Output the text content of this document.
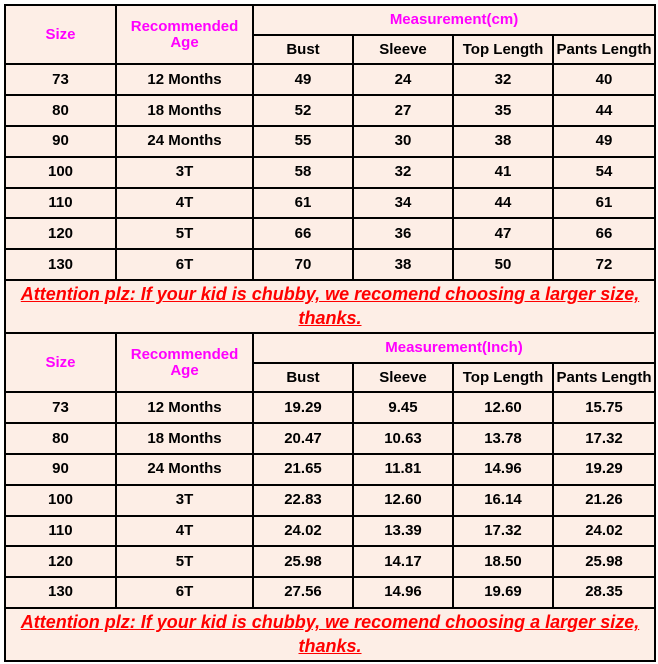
Size	Recommended Age	Measurement(cm)			
		Bust	Sleeve	Top Length	Pants Length
73	12 Months	49	24	32	40
80	18 Months	52	27	35	44
90	24 Months	55	30	38	49
100	3T	58	32	41	54
110	4T	61	34	44	61
120	5T	66	36	47	66
130	6T	70	38	50	72
Attention plz: If your kid is chubby, we recomend choosing a larger size, thanks.					
Size	Recommended Age	Measurement(Inch)			
		Bust	Sleeve	Top Length	Pants Length
73	12 Months	19.29	9.45	12.60	15.75
80	18 Months	20.47	10.63	13.78	17.32
90	24 Months	21.65	11.81	14.96	19.29
100	3T	22.83	12.60	16.14	21.26
110	4T	24.02	13.39	17.32	24.02
120	5T	25.98	14.17	18.50	25.98
130	6T	27.56	14.96	19.69	28.35
Attention plz: If your kid is chubby, we recomend choosing a larger size, thanks.					
